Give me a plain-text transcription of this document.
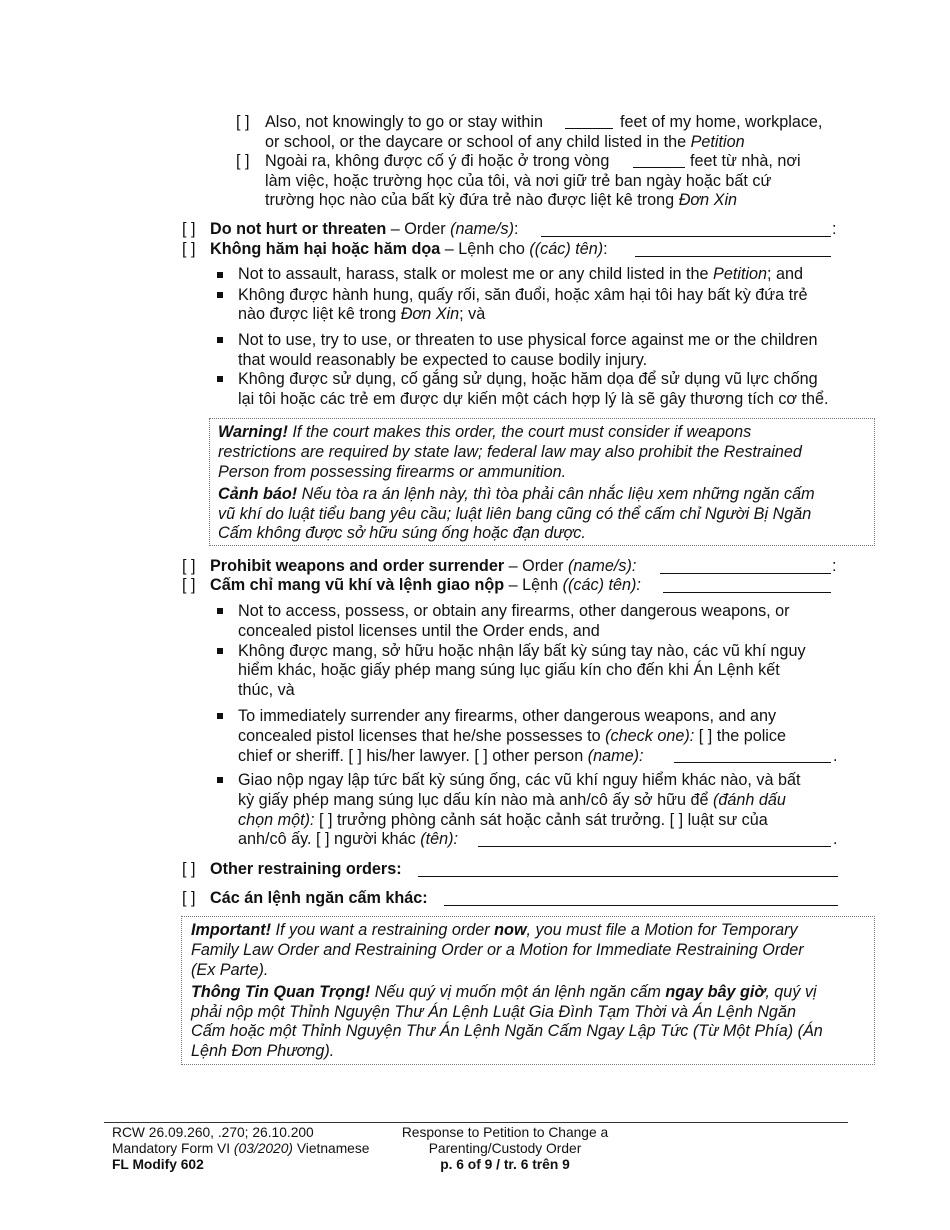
[ ] Also, not knowingly to go or stay within	feet of my home, workplace,
or school, or the daycare or school of any child listed in the Petition
[ ] Ngoài ra, không được cố ý đi hoặc ở trong vòng	feet từ nhà, nơi
làm việc, hoặc trường học của tôi, và nơi giữ trẻ ban ngày hoặc bất cứ
trường học nào của bất kỳ đứa trẻ nào được liệt kê trong Đơn Xin
[ ] Do not hurt or threaten – Order (name/s):	:
[ ] Không hăm hại hoặc hăm dọa – Lệnh cho ((các) tên):
Not to assault, harass, stalk or molest me or any child listed in the Petition; and
Không được hành hung, quấy rối, săn đuổi, hoặc xâm hại tôi hay bất kỳ đứa trẻ
nào được liệt kê trong Đơn Xin; và
Not to use, try to use, or threaten to use physical force against me or the children
that would reasonably be expected to cause bodily injury.
Không được sử dụng, cố gắng sử dụng, hoặc hăm dọa để sử dụng vũ lực chống
lại tôi hoặc các trẻ em được dự kiến một cách hợp lý là sẽ gây thương tích cơ thể.
Warning! If the court makes this order, the court must consider if weapons
restrictions are required by state law; federal law may also prohibit the Restrained
Person from possessing firearms or ammunition.
Cảnh báo! Nếu tòa ra án lệnh này, thì tòa phải cân nhắc liệu xem những ngăn cấm
vũ khí do luật tiểu bang yêu cầu; luật liên bang cũng có thể cấm chỉ Người Bị Ngăn
Cấm không được sở hữu súng ống hoặc đạn dược.
[ ] Prohibit weapons and order surrender – Order (name/s):	:
[ ] Cấm chỉ mang vũ khí và lệnh giao nộp – Lệnh ((các) tên):
Not to access, possess, or obtain any firearms, other dangerous weapons, or
concealed pistol licenses until the Order ends, and
Không được mang, sở hữu hoặc nhận lấy bất kỳ súng tay nào, các vũ khí nguy
hiểm khác, hoặc giấy phép mang súng lục giấu kín cho đến khi Án Lệnh kết
thúc, và
To immediately surrender any firearms, other dangerous weapons, and any
concealed pistol licenses that he/she possesses to (check one): [ ] the police
chief or sheriff. [ ] his/her lawyer. [ ] other person (name):	.
Giao nộp ngay lập tức bất kỳ súng ống, các vũ khí nguy hiểm khác nào, và bất
kỳ giấy phép mang súng lục dấu kín nào mà anh/cô ấy sở hữu để (đánh dấu
chọn một): [ ] trưởng phòng cảnh sát hoặc cảnh sát trưởng. [ ] luật sư của
anh/cô ấy. [ ] người khác (tên):	.
[ ] Other restraining orders:
[ ] Các án lệnh ngăn cấm khác:
Important! If you want a restraining order now, you must file a Motion for Temporary
Family Law Order and Restraining Order or a Motion for Immediate Restraining Order
(Ex Parte).
Thông Tin Quan Trọng! Nếu quý vị muốn một án lệnh ngăn cấm ngay bây giờ, quý vị
phải nộp một Thỉnh Nguyện Thư Án Lệnh Luật Gia Đình Tạm Thời và Án Lệnh Ngăn
Cấm hoặc một Thỉnh Nguyện Thư Án Lệnh Ngăn Cấm Ngay Lập Tức (Từ Một Phía) (Án
Lệnh Đơn Phương).
RCW 26.09.260, .270; 26.10.200
Mandatory Form VI (03/2020) Vietnamese
FL Modify 602
Response to Petition to Change a
Parenting/Custody Order
p. 6 of 9 / tr. 6 trên 9
